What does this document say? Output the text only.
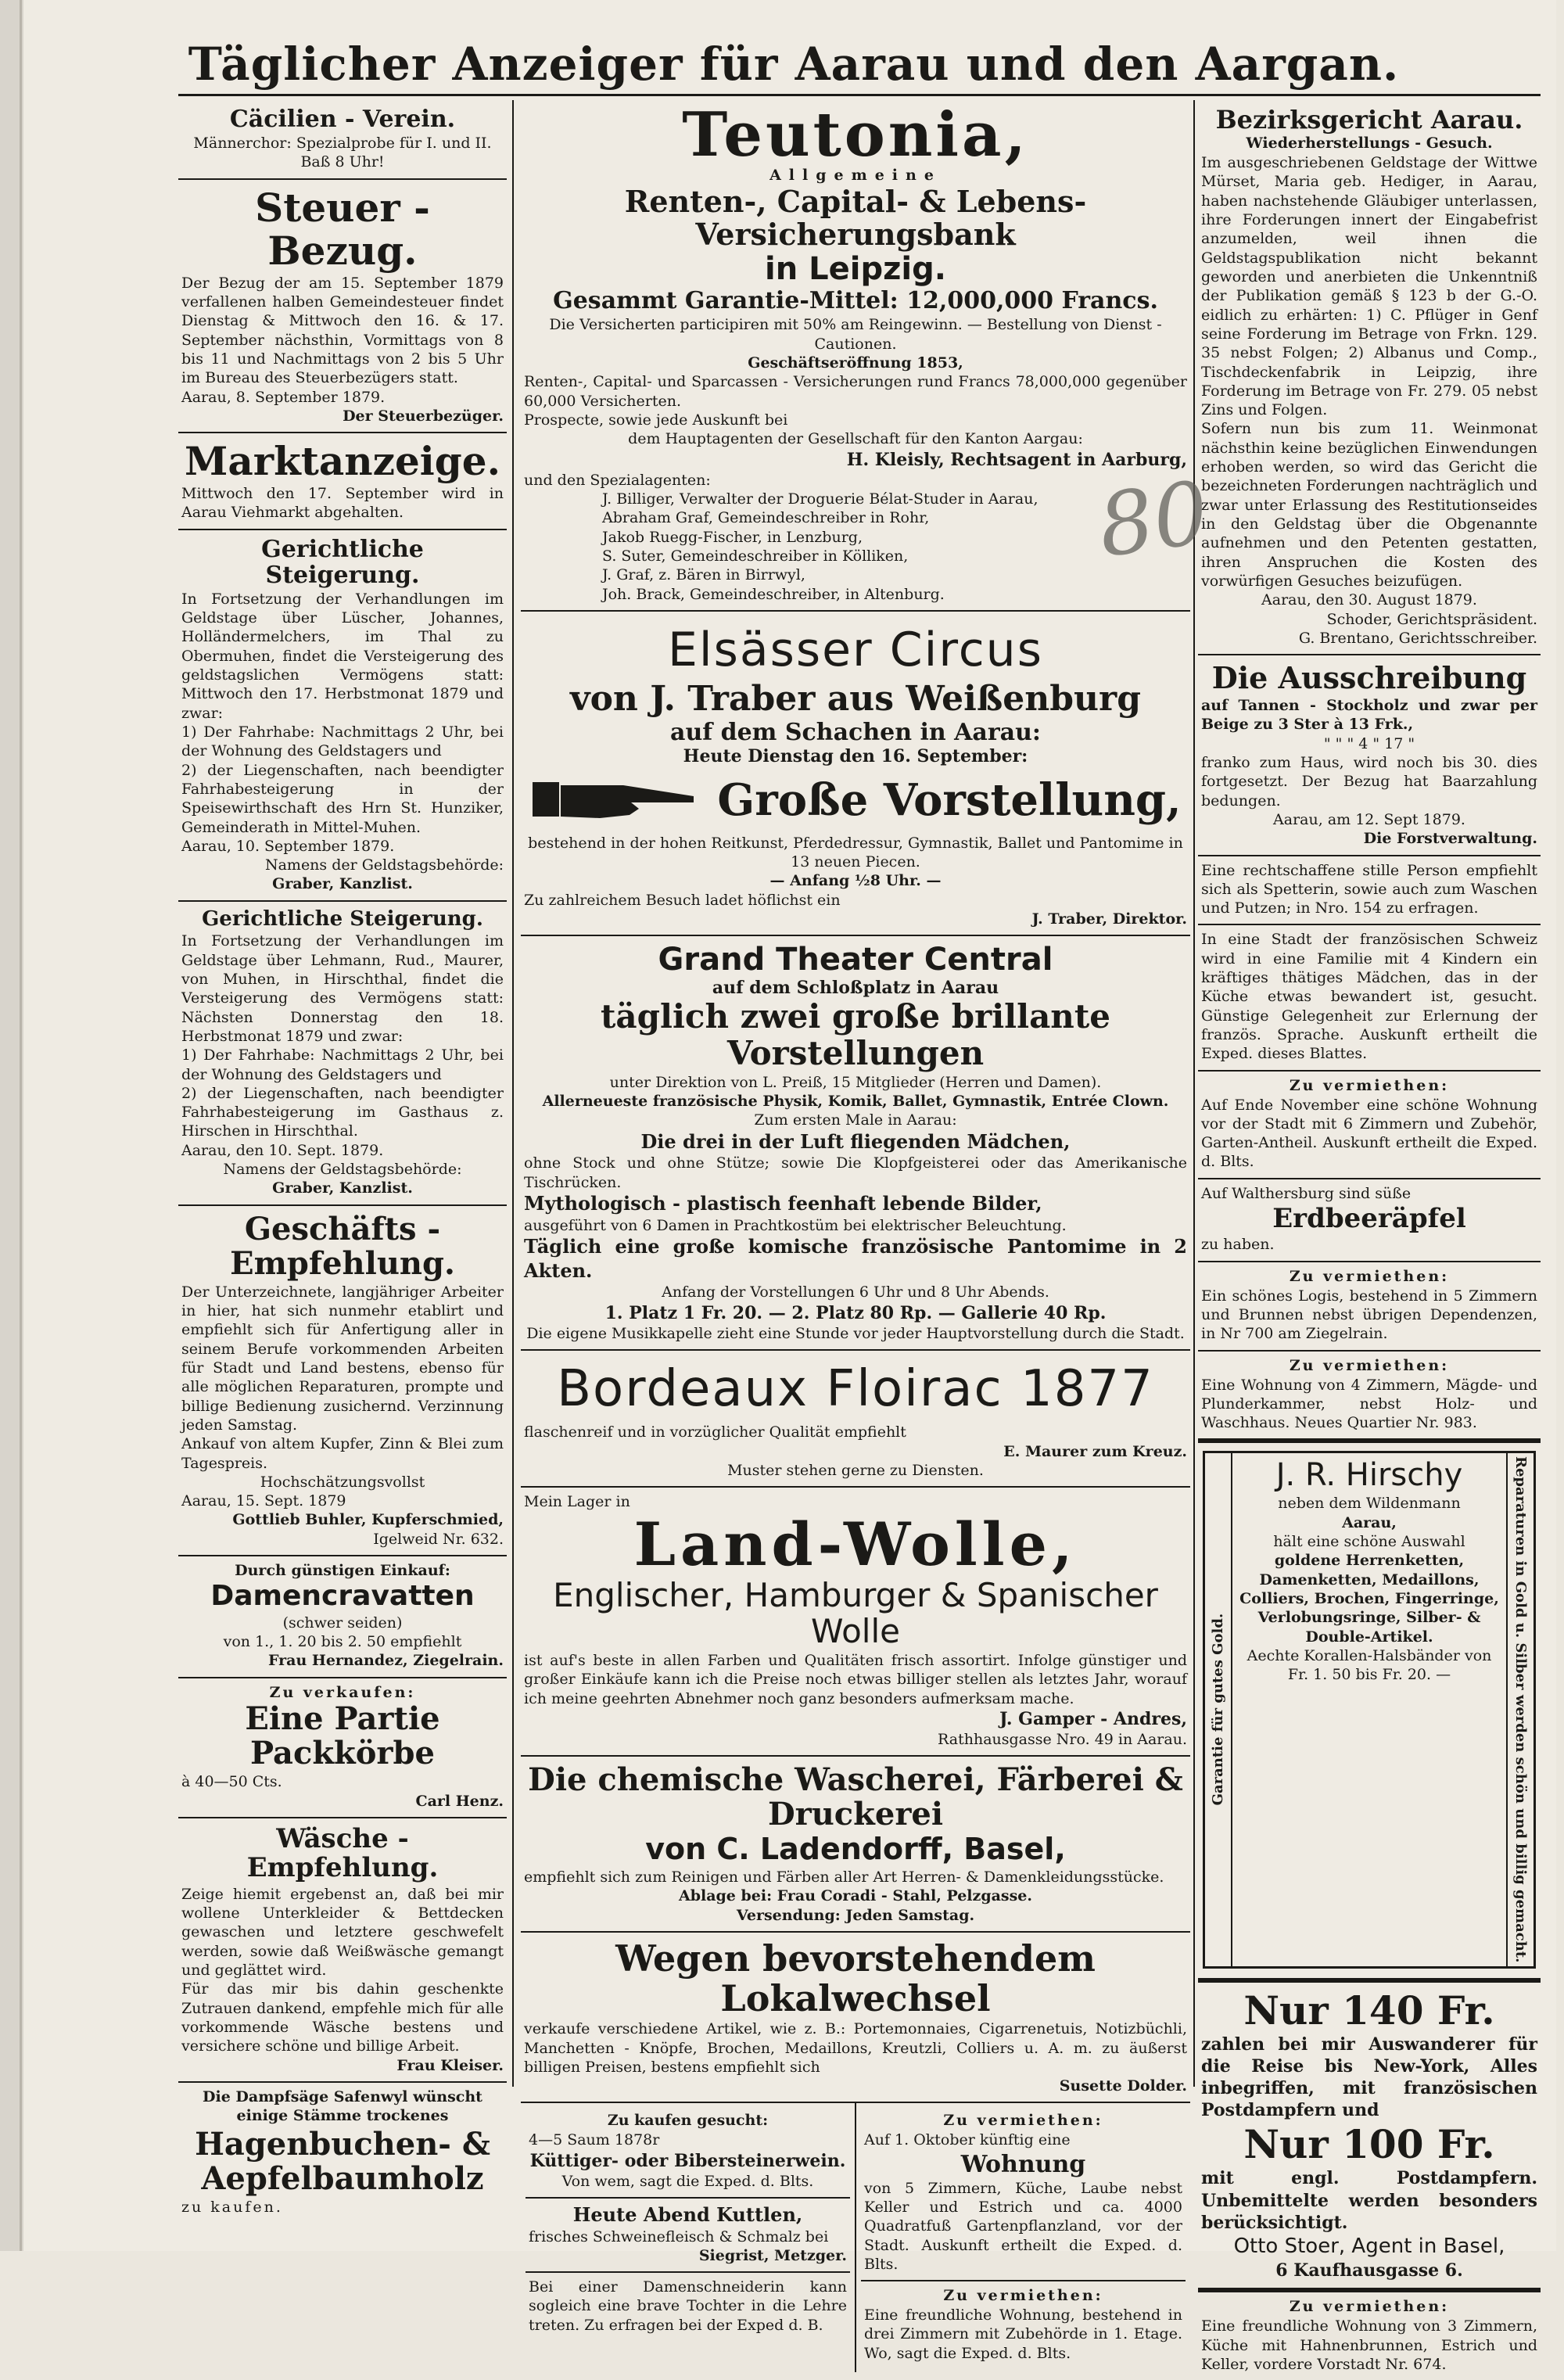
Täglicher Anzeiger für Aarau und den Aargan.
80
Cäcilien - Verein.

Männerchor: Spezialprobe für I. und II. Baß 8 Uhr!

Steuer - Bezug.

Der Bezug der am 15. September 1879 verfallenen halben Gemeindesteuer findet Dienstag & Mittwoch den 16. & 17. September nächsthin, Vormittags von 8 bis 11 und Nachmittags von 2 bis 5 Uhr im Bureau des Steuerbezügers statt.

Aarau, 8. September 1879.

Der Steuerbezüger.

Marktanzeige.

Mittwoch den 17. September wird in Aarau Viehmarkt abgehalten.

Gerichtliche Steigerung.

In Fortsetzung der Verhandlungen im Geldstage über Lüscher, Johannes, Holländermelchers, im Thal zu Obermuhen, findet die Versteigerung des geldstagslichen Vermögens statt: Mittwoch den 17. Herbstmonat 1879 und zwar:

1) Der Fahrhabe: Nachmittags 2 Uhr, bei der Wohnung des Geldstagers und

2) der Liegenschaften, nach beendigter Fahrhabesteigerung in der Speisewirthschaft des Hrn St. Hunziker, Gemeinderath in Mittel-Muhen.

Aarau, 10. September 1879.

Namens der Geldstagsbehörde:

Graber, Kanzlist.

Gerichtliche Steigerung.

In Fortsetzung der Verhandlungen im Geldstage über Lehmann, Rud., Maurer, von Muhen, in Hirschthal, findet die Versteigerung des Vermögens statt: Nächsten Donnerstag den 18. Herbstmonat 1879 und zwar:

1) Der Fahrhabe: Nachmittags 2 Uhr, bei der Wohnung des Geldstagers und

2) der Liegenschaften, nach beendigter Fahrhabesteigerung im Gasthaus z. Hirschen in Hirschthal.

Aarau, den 10. Sept. 1879.

Namens der Geldstagsbehörde:

Graber, Kanzlist.

Geschäfts - Empfehlung.

Der Unterzeichnete, langjähriger Arbeiter in hier, hat sich nunmehr etablirt und empfiehlt sich für Anfertigung aller in seinem Berufe vorkommenden Arbeiten für Stadt und Land bestens, ebenso für alle möglichen Reparaturen, prompte und billige Bedienung zusichernd. Verzinnung jeden Samstag.

Ankauf von altem Kupfer, Zinn & Blei zum Tagespreis.

Hochschätzungsvollst

Aarau, 15. Sept. 1879

Gottlieb Buhler, Kupferschmied,

Igelweid Nr. 632.

Durch günstigen Einkauf:
Damencravatten

(schwer seiden)

von 1., 1. 20 bis 2. 50 empfiehlt

Frau Hernandez, Ziegelrain.

Zu verkaufen:
Eine Partie Packkörbe

à 40—50 Cts.

Carl Henz.

Wäsche - Empfehlung.

Zeige hiemit ergebenst an, daß bei mir wollene Unterkleider & Bettdecken gewaschen und letztere geschwefelt werden, sowie daß Weißwäsche gemangt und geglättet wird.

Für das mir bis dahin geschenkte Zutrauen dankend, empfehle mich für alle vorkommende Wäsche bestens und versichere schöne und billige Arbeit.

Frau Kleiser.

Die Dampfsäge Safenwyl wünscht einige Stämme trockenes

Hagenbuchen- & Aepfelbaumholz

zu kaufen.

Teutonia,
Allgemeine
Renten-, Capital- & Lebens-Versicherungsbank
in Leipzig.
Gesammt Garantie-Mittel: 12,000,000 Francs.

Die Versicherten participiren mit 50% am Reingewinn. — Bestellung von Dienst - Cautionen.

Geschäftseröffnung 1853,

Renten-, Capital- und Sparcassen - Versicherungen rund Francs 78,000,000 gegenüber 60,000 Versicherten.

Prospecte, sowie jede Auskunft bei

dem Hauptagenten der Gesellschaft für den Kanton Aargau:

H. Kleisly, Rechtsagent in Aarburg,

und den Spezialagenten:

J. Billiger, Verwalter der Droguerie Bélat-Studer in Aarau,

Abraham Graf, Gemeindeschreiber in Rohr,

Jakob Ruegg-Fischer, in Lenzburg,

S. Suter, Gemeindeschreiber in Kölliken,

J. Graf, z. Bären in Birrwyl,

Joh. Brack, Gemeindeschreiber, in Altenburg.

Elsässer Circus
von J. Traber aus Weißenburg
auf dem Schachen in Aarau:
Heute Dienstag den 16. September:
Große Vorstellung,

bestehend in der hohen Reitkunst, Pferdedressur, Gymnastik, Ballet und Pantomime in 13 neuen Piecen.

— Anfang ½8 Uhr. —

Zu zahlreichem Besuch ladet höflichst ein

J. Traber, Direktor.

Grand Theater Central
auf dem Schloßplatz in Aarau
täglich zwei große brillante Vorstellungen

unter Direktion von L. Preiß, 15 Mitglieder (Herren und Damen).

Allerneueste französische Physik, Komik, Ballet, Gymnastik, Entrée Clown.

Zum ersten Male in Aarau:

Die drei in der Luft fliegenden Mädchen,

ohne Stock und ohne Stütze; sowie Die Klopfgeisterei oder das Amerikanische Tischrücken.

Mythologisch - plastisch feenhaft lebende Bilder,

ausgeführt von 6 Damen in Prachtkostüm bei elektrischer Beleuchtung.

Täglich eine große komische französische Pantomime in 2 Akten.

Anfang der Vorstellungen 6 Uhr und 8 Uhr Abends.

1. Platz 1 Fr. 20. — 2. Platz 80 Rp. — Gallerie 40 Rp.

Die eigene Musikkapelle zieht eine Stunde vor jeder Hauptvorstellung durch die Stadt.

Bordeaux Floirac 1877

flaschenreif und in vorzüglicher Qualität empfiehlt

E. Maurer zum Kreuz.

Muster stehen gerne zu Diensten.

Mein Lager in

Land-Wolle,
Englischer, Hamburger & Spanischer Wolle

ist auf's beste in allen Farben und Qualitäten frisch assortirt. Infolge günstiger und großer Einkäufe kann ich die Preise noch etwas billiger stellen als letztes Jahr, worauf ich meine geehrten Abnehmer noch ganz besonders aufmerksam mache.

J. Gamper - Andres,

Rathhausgasse Nro. 49 in Aarau.

Die chemische Wascherei, Färberei & Druckerei
von C. Ladendorff, Basel,

empfiehlt sich zum Reinigen und Färben aller Art Herren- & Damenkleidungsstücke.

Ablage bei: Frau Coradi - Stahl, Pelzgasse.

Versendung: Jeden Samstag.

Wegen bevorstehendem Lokalwechsel

verkaufe verschiedene Artikel, wie z. B.: Portemonnaies, Cigarrenetuis, Notizbüchli, Manchetten - Knöpfe, Brochen, Medaillons, Kreutzli, Colliers u. A. m. zu äußerst billigen Preisen, bestens empfiehlt sich

Susette Dolder.

Zu kaufen gesucht:

4—5 Saum 1878r

Küttiger- oder Biberstein​erwein.

Von wem, sagt die Exped. d. Blts.

Heute Abend Kuttlen,

frisches Schweinefleisch & Schmalz bei

Siegrist, Metzger.

Bei einer Damenschneiderin kann sogleich eine brave Tochter in die Lehre treten. Zu erfragen bei der Exped d. B.

Zu vermiethen:

Auf 1. Oktober künftig eine

Wohnung

von 5 Zimmern, Küche, Laube nebst Keller und Estrich und ca. 4000 Quadratfuß Gartenpflanzland, vor der Stadt. Auskunft ertheilt die Exped. d. Blts.

Zu vermiethen:

Eine freundliche Wohnung, bestehend in drei Zimmern mit Zubehörde in 1. Etage. Wo, sagt die Exped. d. Blts.

Bezirksgericht Aarau.
Wiederherstellungs - Gesuch.

Im ausgeschriebenen Geldstage der Wittwe Mürset, Maria geb. Hediger, in Aarau, haben nachstehende Gläubiger unterlassen, ihre Forderungen innert der Eingabefrist anzumelden, weil ihnen die Geldstagspublikation nicht bekannt geworden und anerbieten die Unkenntniß der Publikation gemäß § 123 b der G.-O. eidlich zu erhärten: 1) C. Pflüger in Genf seine Forderung im Betrage von Frkn. 129. 35 nebst Folgen; 2) Albanus und Comp., Tischdeckenfabrik in Leipzig, ihre Forderung im Betrage von Fr. 279. 05 nebst Zins und Folgen.

Sofern nun bis zum 11. Weinmonat nächsthin keine bezüglichen Einwendungen erhoben werden, so wird das Gericht die bezeichneten Forderungen nachträglich und zwar unter Erlassung des Restitutionseides in den Geldstag über die Obgenannte aufnehmen und den Petenten gestatten, ihren Anspruchen die Kosten des vorwürfigen Gesuches beizufügen.

Aarau, den 30. August 1879.

Schoder, Gerichtspräsident.

G. Brentano, Gerichtsschreiber.

Die Ausschreibung

auf Tannen - Stockholz und zwar per Beige zu 3 Ster à 13 Frk.,

" " " 4 " 17 "

franko zum Haus, wird noch bis 30. dies fortgesetzt. Der Bezug hat Baarzahlung bedungen.

Aarau, am 12. Sept 1879.

Die Forstverwaltung.

Eine rechtschaffene stille Person empfiehlt sich als Spetterin, sowie auch zum Waschen und Putzen; in Nro. 154 zu erfragen.

In eine Stadt der französischen Schweiz wird in eine Familie mit 4 Kindern ein kräftiges thätiges Mädchen, das in der Küche etwas bewandert ist, gesucht. Günstige Gelegenheit zur Erlernung der französ. Sprache. Auskunft ertheilt die Exped. dieses Blattes.

Zu vermiethen:

Auf Ende November eine schöne Wohnung vor der Stadt mit 6 Zimmern und Zubehör, Garten-Antheil. Auskunft ertheilt die Exped. d. Blts.

Auf Walthersburg sind süße

Erdbeeräpfel

zu haben.

Zu vermiethen:

Ein schönes Logis, bestehend in 5 Zimmern und Brunnen nebst übrigen Dependenzen, in Nr 700 am Ziegelrain.

Zu vermiethen:

Eine Wohnung von 4 Zimmern, Mägde- und Plunderkammer, nebst Holz- und Waschhaus. Neues Quartier Nr. 983.

Garantie für gutes Gold.
J. R. Hirschy

neben dem Wildenmann

Aarau,

hält eine schöne Auswahl

goldene Herrenketten, Damenketten, Medaillons, Colliers, Brochen, Fingerringe, Verlobungsringe, Silber- & Double-Artikel.

Aechte Korallen-Halsbänder von Fr. 1. 50 bis Fr. 20. —	Reparaturen in Gold u. Silber werden schön und billig gemacht.
Nur 140 Fr.

zahlen bei mir Auswanderer für die Reise bis New-York, Alles inbegriffen, mit französischen Postdampfern und

Nur 100 Fr.

mit engl. Postdampfern. Unbemittelte werden besonders berücksichtigt.

Otto Stoer, Agent in Basel,

6 Kaufhausgasse 6.

Zu vermiethen:

Eine freundliche Wohnung von 3 Zimmern, Küche mit Hahnenbrunnen, Estrich und Keller, vordere Vorstadt Nr. 674.
